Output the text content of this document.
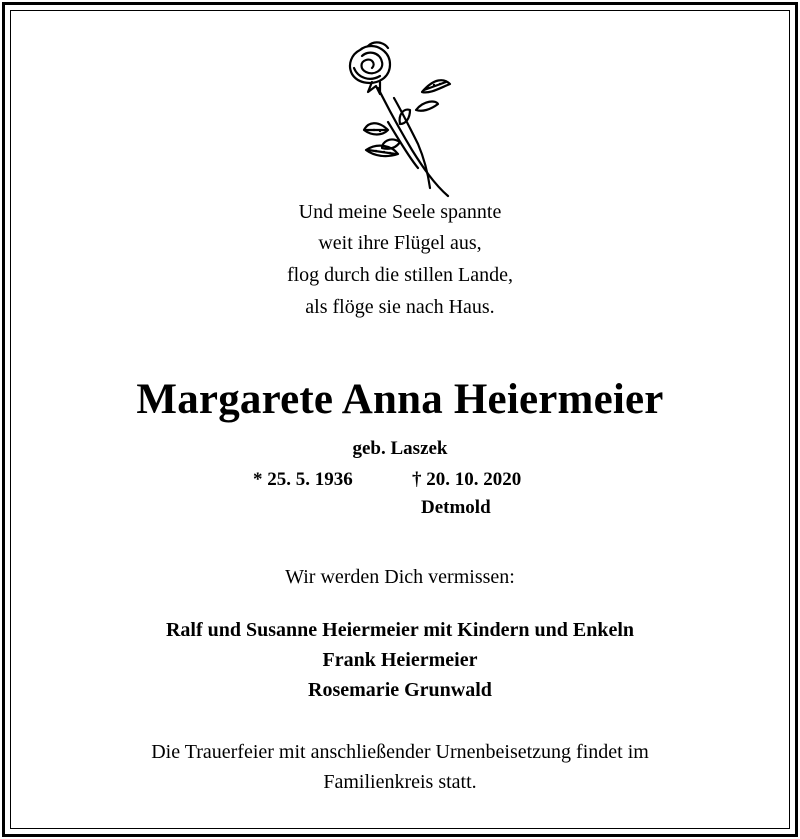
Und meine Seele spannte
weit ihre Flügel aus,
flog durch die stillen Lande,
als flöge sie nach Haus.
Margarete Anna Heiermeier
geb. Laszek
* 25. 5. 1936	† 20. 10. 2020
Detmold
Wir werden Dich vermissen:
Ralf und Susanne Heiermeier mit Kindern und Enkeln
Frank Heiermeier
Rosemarie Grunwald
Die Trauerfeier mit anschließender Urnenbeisetzung findet im
Familienkreis statt.
